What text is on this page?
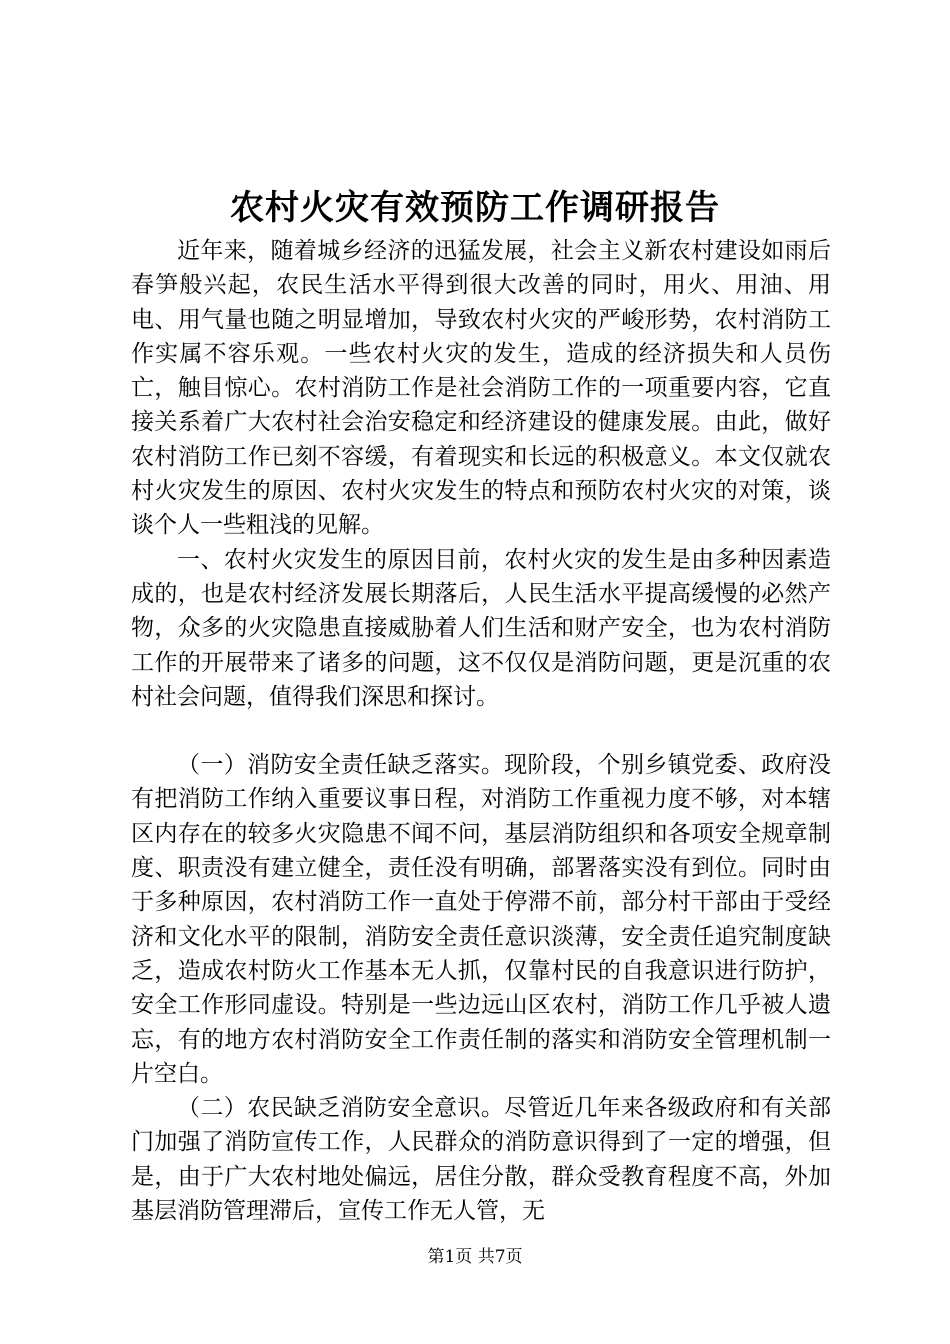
农村火灾有效预防工作调研报告

近年来，随着城乡经济的迅猛发展，社会主义新农村建设如雨后春笋般兴起，农民生活水平得到很大改善的同时，用火、用油、用电、用气量也随之明显增加，导致农村火灾的严峻形势，农村消防工作实属不容乐观。一些农村火灾的发生，造成的经济损失和人员伤亡，触目惊心。农村消防工作是社会消防工作的一项重要内容，它直接关系着广大农村社会治安稳定和经济建设的健康发展。由此，做好农村消防工作已刻不容缓，有着现实和长远的积极意义。本文仅就农村火灾发生的原因、农村火灾发生的特点和预防农村火灾的对策，谈谈个人一些粗浅的见解。

一、农村火灾发生的原因目前，农村火灾的发生是由多种因素造成的，也是农村经济发展长期落后，人民生活水平提高缓慢的必然产物，众多的火灾隐患直接威胁着人们生活和财产安全，也为农村消防工作的开展带来了诸多的问题，这不仅仅是消防问题，更是沉重的农村社会问题，值得我们深思和探讨。

（一）消防安全责任缺乏落实。现阶段，个别乡镇党委、政府没有把消防工作纳入重要议事日程，对消防工作重视力度不够，对本辖区内存在的较多火灾隐患不闻不问，基层消防组织和各项安全规章制度、职责没有建立健全，责任没有明确，部署落实没有到位。同时由于多种原因，农村消防工作一直处于停滞不前，部分村干部由于受经济和文化水平的限制，消防安全责任意识淡薄，安全责任追究制度缺乏，造成农村防火工作基本无人抓，仅靠村民的自我意识进行防护，安全工作形同虚设。特别是一些边远山区农村，消防工作几乎被人遗忘，有的地方农村消防安全工作责任制的落实和消防安全管理机制一片空白。

（二）农民缺乏消防安全意识。尽管近几年来各级政府和有关部门加强了消防宣传工作，人民群众的消防意识得到了一定的增强，但是，由于广大农村地处偏远，居住分散，群众受教育程度不高，外加基层消防管理滞后，宣传工作无人管，无

第1页 共7页
